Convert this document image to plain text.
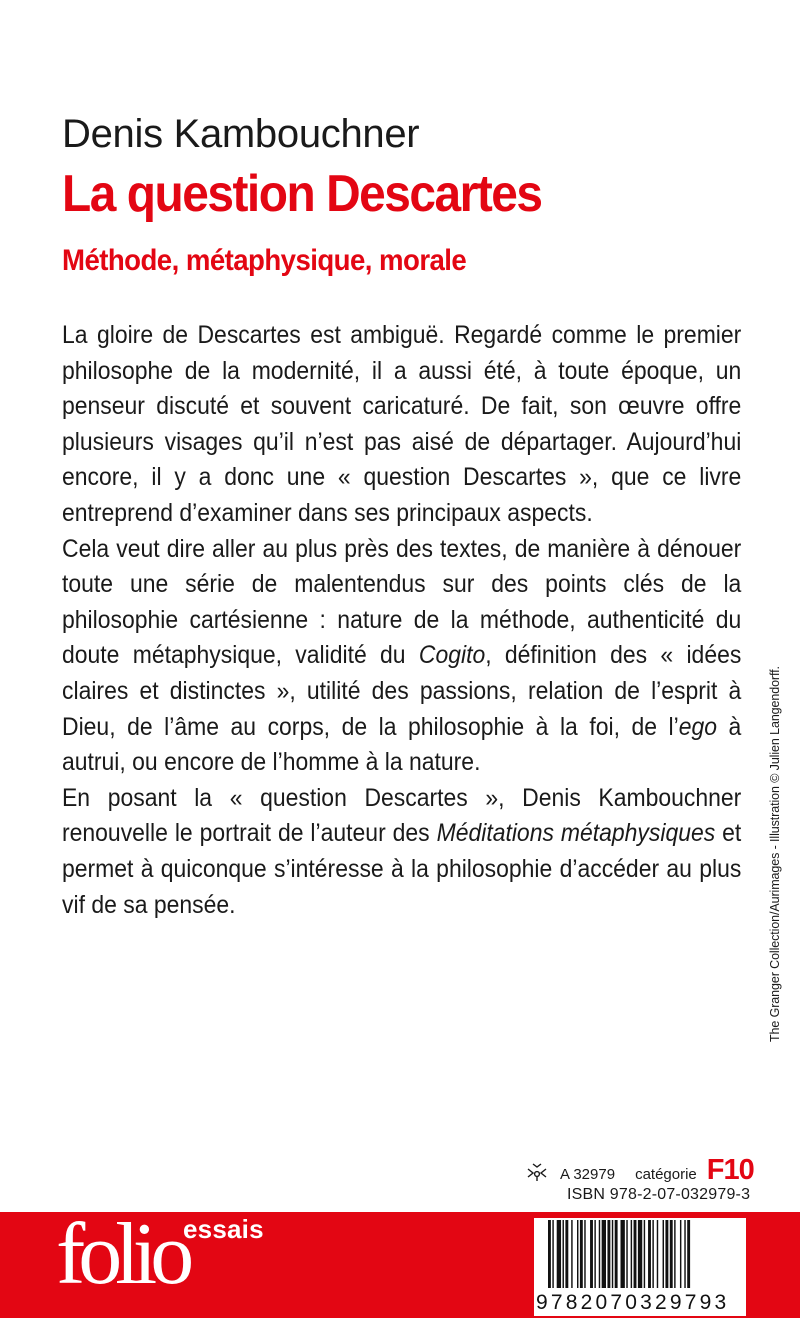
Denis Kambouchner
La question Descartes
Méthode, métaphysique, morale

La gloire de Descartes est ambiguë. Regardé comme le premier philosophe de la modernité, il a aussi été, à toute époque, un penseur discuté et souvent caricaturé. De fait, son œuvre offre plusieurs visages qu’il n’est pas aisé de départager. Aujourd’hui encore, il y a donc une « question Descartes », que ce livre entreprend d’examiner dans ses principaux aspects.

Cela veut dire aller au plus près des textes, de manière à dénouer toute une série de malentendus sur des points clés de la philosophie cartésienne : nature de la méthode, authenticité du doute métaphysique, validité du Cogito, définition des « idées claires et distinctes », utilité des passions, relation de l’esprit à Dieu, de l’âme au corps, de la philosophie à la foi, de l’ego à autrui, ou encore de l’homme à la nature.

En posant la « question Descartes », Denis Kambouchner renouvelle le portrait de l’auteur des Méditations métaphysiques et permet à quiconque s’intéresse à la philosophie d’accéder au plus vif de sa pensée.	The Granger Collection/Aurimages - Illustration © Julien Langendorff.
A 32979 catégorie F10
ISBN 978-2-07-032979-3
folio
essais
9782070329793
